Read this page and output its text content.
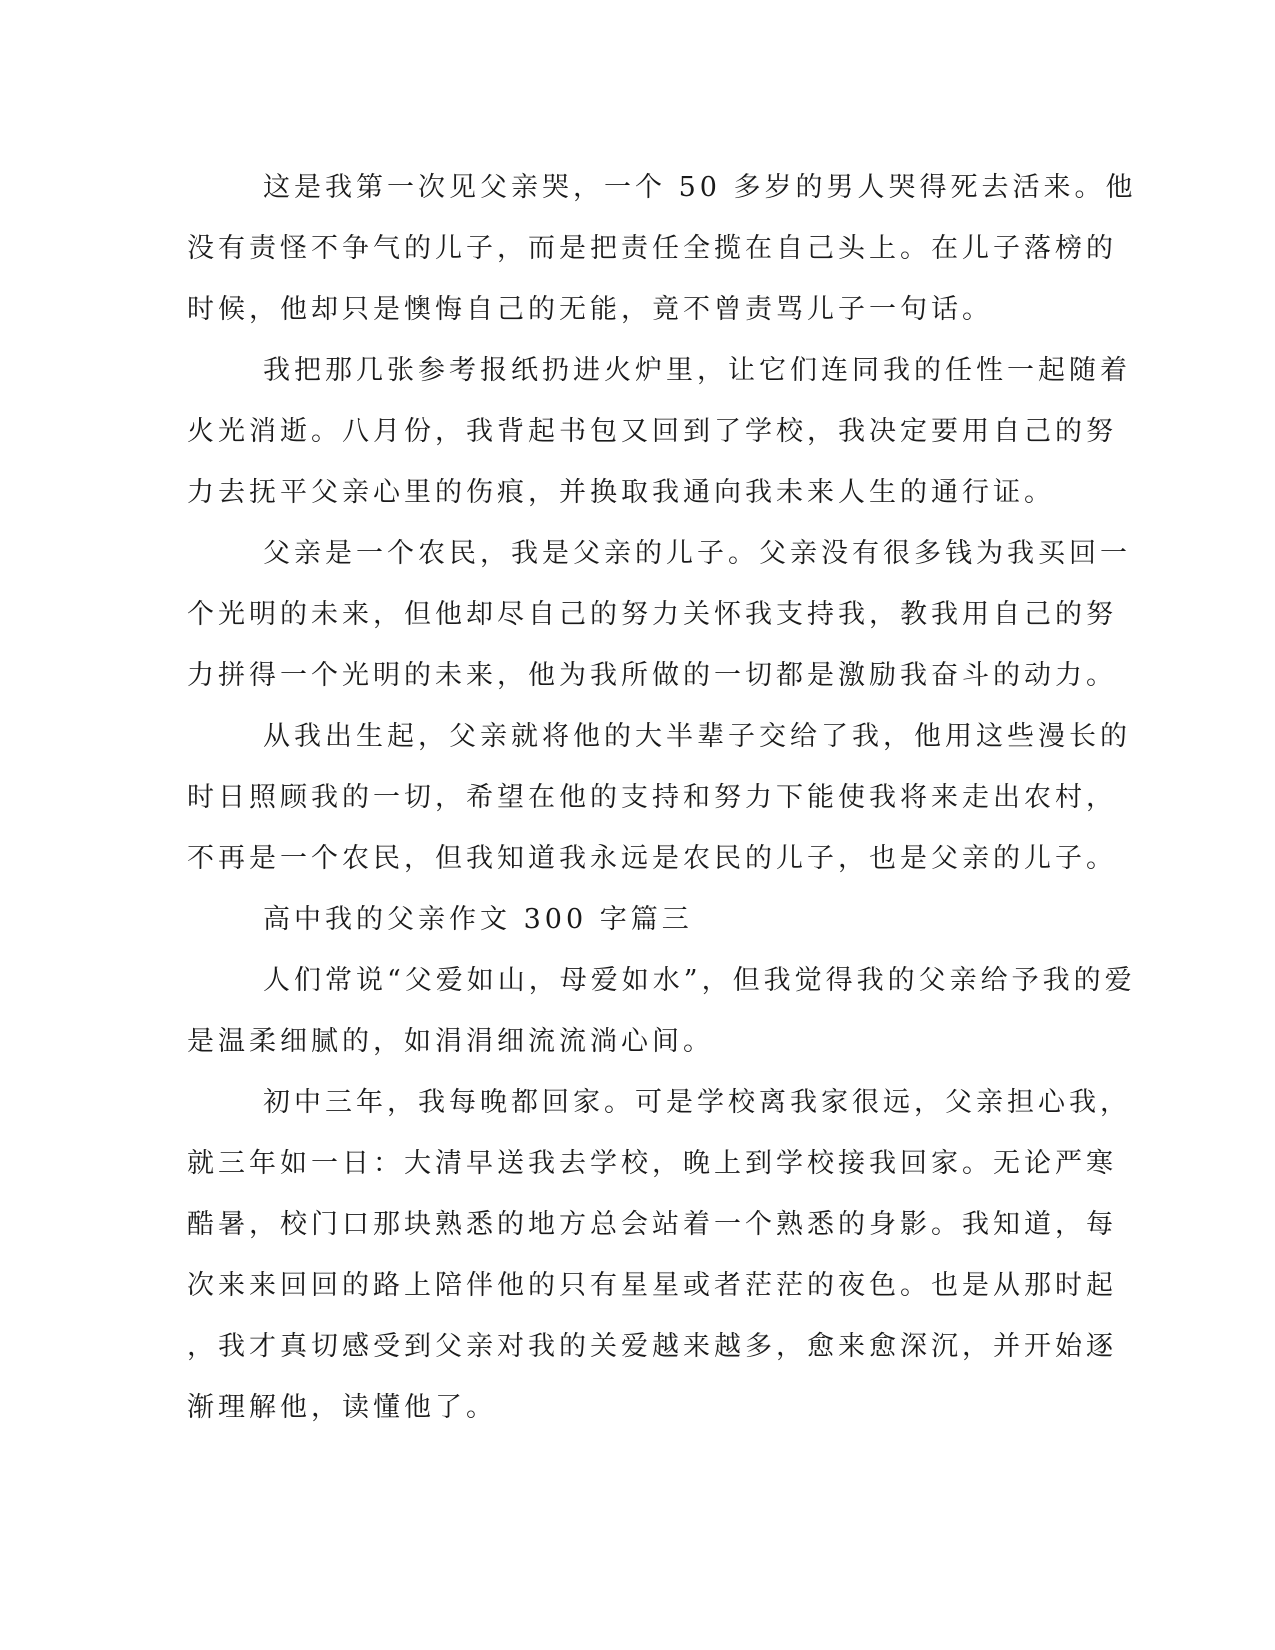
这是我第一次见父亲哭，一个 50 多岁的男人哭得死去活来。他
没有责怪不争气的儿子，而是把责任全揽在自己头上。在儿子落榜的
时候，他却只是懊悔自己的无能，竟不曾责骂儿子一句话。
我把那几张参考报纸扔进火炉里，让它们连同我的任性一起随着
火光消逝。八月份，我背起书包又回到了学校，我决定要用自己的努
力去抚平父亲心里的伤痕，并换取我通向我未来人生的通行证。
父亲是一个农民，我是父亲的儿子。父亲没有很多钱为我买回一
个光明的未来，但他却尽自己的努力关怀我支持我，教我用自己的努
力拼得一个光明的未来，他为我所做的一切都是激励我奋斗的动力。
从我出生起，父亲就将他的大半辈子交给了我，他用这些漫长的
时日照顾我的一切，希望在他的支持和努力下能使我将来走出农村，
不再是一个农民，但我知道我永远是农民的儿子，也是父亲的儿子。
高中我的父亲作文 300 字篇三
人们常说“父爱如山，母爱如水”，但我觉得我的父亲给予我的爱
是温柔细腻的，如涓涓细流流淌心间。
初中三年，我每晚都回家。可是学校离我家很远，父亲担心我，
就三年如一日：大清早送我去学校，晚上到学校接我回家。无论严寒
酷暑，校门口那块熟悉的地方总会站着一个熟悉的身影。我知道，每
次来来回回的路上陪伴他的只有星星或者茫茫的夜色。也是从那时起
，我才真切感受到父亲对我的关爱越来越多，愈来愈深沉，并开始逐
渐理解他，读懂他了。
